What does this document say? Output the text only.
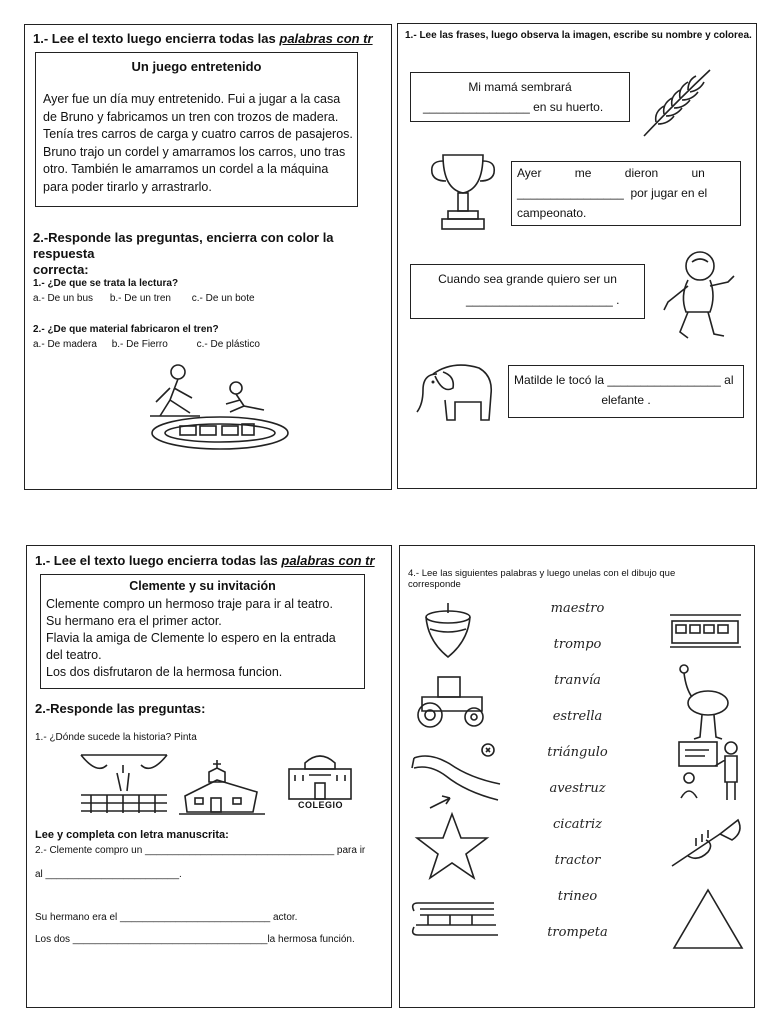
1.- Lee el texto luego encierra todas las palabras con tr
Un juego entretenido
Ayer fue un día muy entretenido. Fui a jugar a la casa
de Bruno y fabricamos un tren con trozos de madera.
Tenía tres carros de carga y cuatro carros de pasajeros.
Bruno trajo un cordel y amarramos los carros, uno tras
otro. También le amarramos un cordel a la máquina
para poder tirarlo y arrastrarlo.
2.-Responde las preguntas, encierra con color la respuesta
correcta:
1.- ¿De que se trata la lectura?
a.- De un bus b.- De un tren c.- De un bote
2.- ¿De que material fabricaron el tren?
a.- De madera b.- De Fierro	c.- De plástico
1.- Lee las frases, luego observa la imagen, escribe su nombre y colorea.
Mi mamá sembrará
________________ en su huerto.
Ayer          me          dieron          un
________________  por jugar en el
campeonato.
Cuando sea grande quiero ser un
______________________ .
Matilde le tocó la _________________ al
elefante .
1.- Lee el texto luego encierra todas las palabras con tr
Clemente y su invitación
Clemente compro un hermoso traje para ir al teatro.
Su hermano era el primer actor.
Flavia la amiga de Clemente lo espero en la entrada
del teatro.
Los dos disfrutaron de la hermosa funcion.
2.-Responde las preguntas:
1.- ¿Dónde sucede la historia? Pinta
COLEGIO
Lee y completa con letra manuscrita:
2.- Clemente compro un __________________________________ para ir
al ________________________.
Su hermano era el ___________________________ actor.
Los dos ___________________________________la hermosa función.
4.- Lee las siguientes palabras y luego unelas con el dibujo que
corresponde
maestro
trompo
tranvía
estrella
triángulo
avestruz
cicatriz
tractor
trineo
trompeta
